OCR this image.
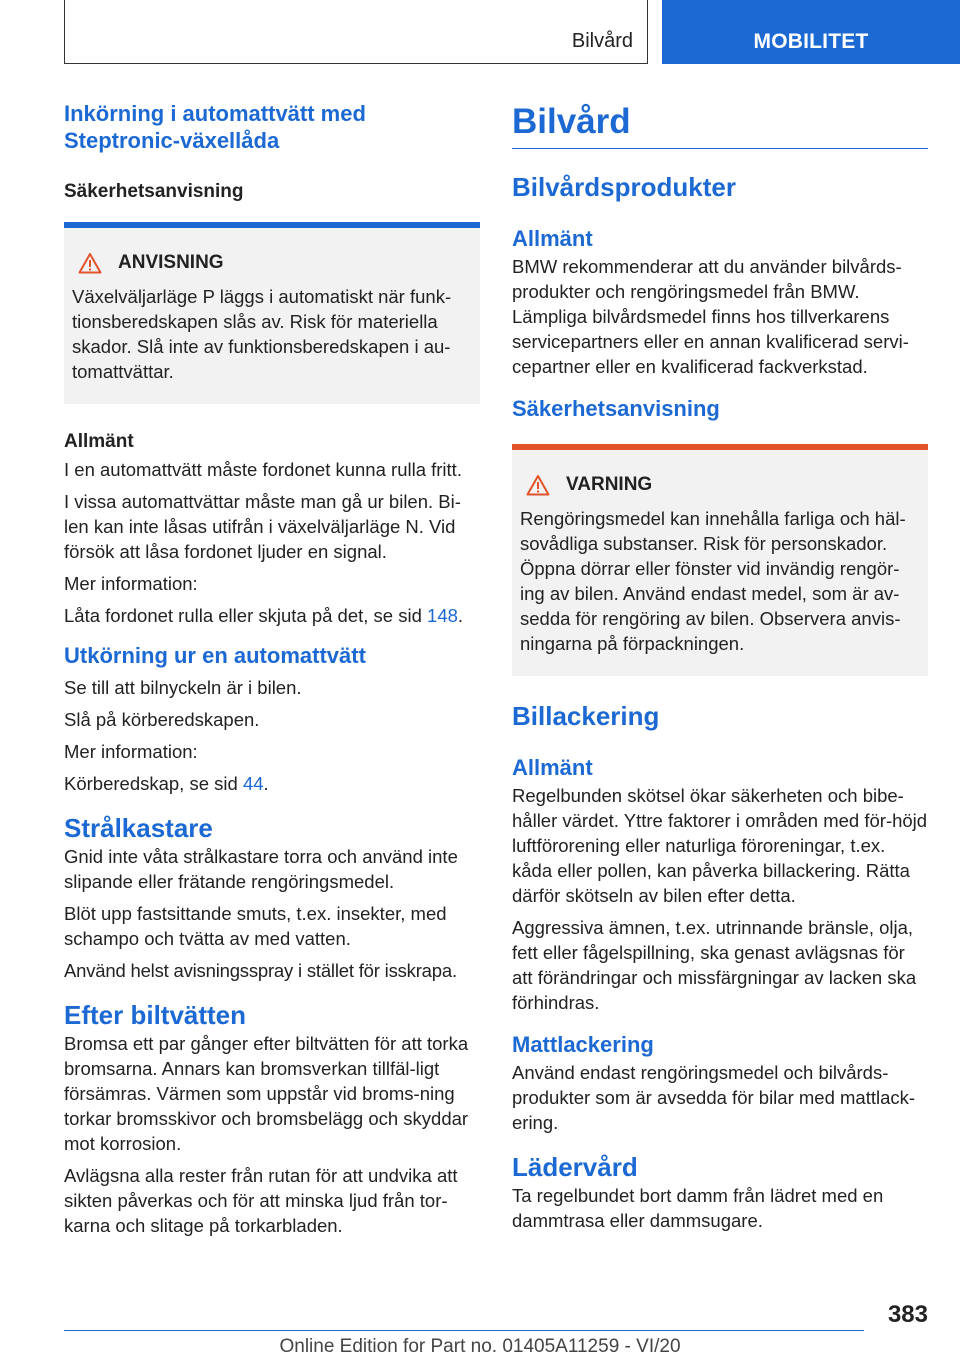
Bilvård	MOBILITET
Inkörning i automattvätt med Steptronic-växellåda
Säkerhetsanvisning
ANVISNING

Växelväljarläge P läggs i automatiskt när funk-tionsberedskapen slås av. Risk för materiella skador. Slå inte av funktionsberedskapen i au-tomattvättar.

Allmänt

I en automattvätt måste fordonet kunna rulla fritt.

I vissa automattvättar måste man gå ur bilen. Bi-len kan inte låsas utifrån i växelväljarläge N. Vid försök att låsa fordonet ljuder en signal.

Mer information:

Låta fordonet rulla eller skjuta på det, se sid 148.

Utkörning ur en automattvätt

Se till att bilnyckeln är i bilen.

Slå på körberedskapen.

Mer information:

Körberedskap, se sid 44.

Strålkastare

Gnid inte våta strålkastare torra och använd inte slipande eller frätande rengöringsmedel.

Blöt upp fastsittande smuts, t.ex. insekter, med schampo och tvätta av med vatten.

Använd helst avisningsspray i stället för isskrapa.

Efter biltvätten

Bromsa ett par gånger efter biltvätten för att torka bromsarna. Annars kan bromsverkan tillfäl-ligt försämras. Värmen som uppstår vid broms-ning torkar bromsskivor och bromsbelägg och skyddar mot korrosion.

Avlägsna alla rester från rutan för att undvika att sikten påverkas och för att minska ljud från tor-karna och slitage på torkarbladen.

Bilvård
Bilvårdsprodukter
Allmänt

BMW rekommenderar att du använder bilvårds-produkter och rengöringsmedel från BMW. Lämpliga bilvårdsmedel finns hos tillverkarens servicepartners eller en annan kvalificerad servi-cepartner eller en kvalificerad fackverkstad.

Säkerhetsanvisning
VARNING

Rengöringsmedel kan innehålla farliga och häl-sovådliga substanser. Risk för personskador. Öppna dörrar eller fönster vid invändig rengör-ing av bilen. Använd endast medel, som är av-sedda för rengöring av bilen. Observera anvis-ningarna på förpackningen.

Billackering
Allmänt

Regelbunden skötsel ökar säkerheten och bibe-håller värdet. Yttre faktorer i områden med för-höjd luftförorening eller naturliga föroreningar, t.ex. kåda eller pollen, kan påverka billackering. Rätta därför skötseln av bilen efter detta.

Aggressiva ämnen, t.ex. utrinnande bränsle, olja, fett eller fågelspillning, ska genast avlägsnas för att förändringar och missfärgningar av lacken ska förhindras.

Mattlackering

Använd endast rengöringsmedel och bilvårds-produkter som är avsedda för bilar med mattlack-ering.

Lädervård

Ta regelbundet bort damm från lädret med en dammtrasa eller dammsugare.

383
Online Edition for Part no. 01405A11259 - VI/20
